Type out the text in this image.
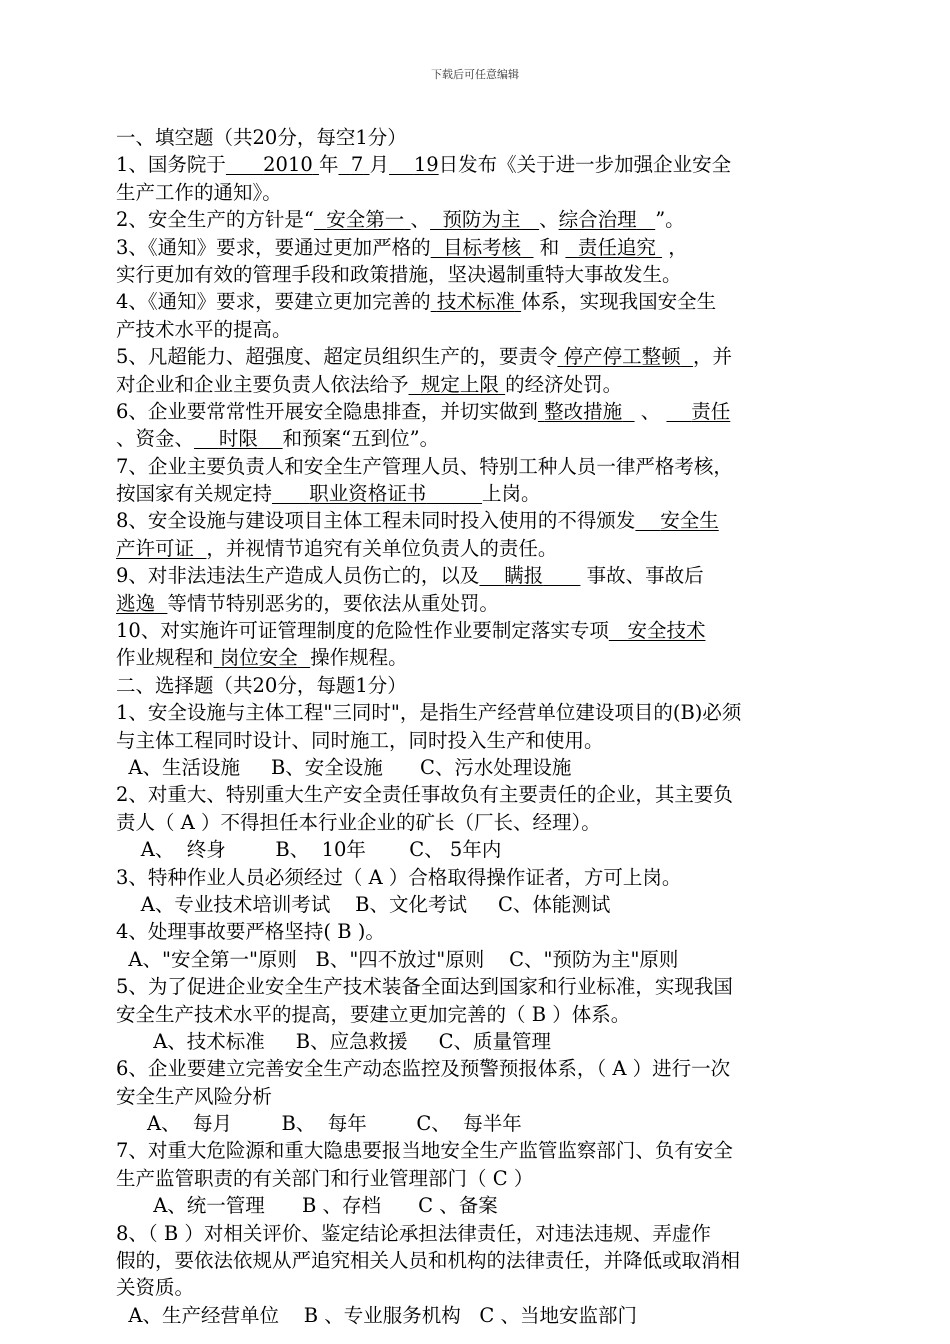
下载后可任意编辑
一、填空题（共20分，每空1分）
1、国务院于 2010 年 7 月 19日发布《关于进一步加强企业安全
生产工作的通知》。
2、安全生产的方针是“ 安全第一 、 预防为主 、综合治理 ”。
3、《通知》要求，要通过更加严格的 目标考核 和 责任追究 ，
实行更加有效的管理手段和政策措施，坚决遏制重特大事故发生。
4、《通知》要求，要建立更加完善的 技术标准 体系，实现我国安全生
产技术水平的提高。
5、凡超能力、超强度、超定员组织生产的，要责令 停产停工整顿 ，并
对企业和企业主要负责人依法给予 规定上限 的经济处罚。
6、企业要常常性开展安全隐患排查，并切实做到 整改措施 、 责任
、资金、 时限 和预案“五到位”。
7、企业主要负责人和安全生产管理人员、特别工种人员一律严格考核，
按国家有关规定持 职业资格证书	上岗。
8、安全设施与建设项目主体工程未同时投入使用的不得颁发 安全生
产许可证 ，并视情节追究有关单位负责人的责任。
9、对非法违法生产造成人员伤亡的，以及 瞒报 事故、事故后
逃逸 等情节特别恶劣的，要依法从重处罚。
10、对实施许可证管理制度的危险性作业要制定落实专项 安全技术
作业规程和 岗位安全 操作规程。
二、选择题（共20分，每题1分）
1、安全设施与主体工程"三同时"，是指生产经营单位建设项目的(B)必须
与主体工程同时设计、同时施工，同时投入生产和使用。
A、生活设施     B、安全设施      C、污水处理设施
2、对重大、特别重大生产安全责任事故负有主要责任的企业，其主要负
责人（ A ）不得担任本行业企业的矿长（厂长、经理）。
A、  终身        B、  10年       C、 5年内
3、特种作业人员必须经过（ A ）合格取得操作证者，方可上岗。
A、专业技术培训考试    B、文化考试     C、体能测试
4、处理事故要严格坚持( B )。
A、"安全第一"原则   B、"四不放过"原则    C、"预防为主"原则
5、为了促进企业安全生产技术装备全面达到国家和行业标准，实现我国
安全生产技术水平的提高，要建立更加完善的（ B ）体系。
A、技术标准     B、应急救援     C、质量管理
6、企业要建立完善安全生产动态监控及预警预报体系，（ A ）进行一次
安全生产风险分析
A、  每月        B、  每年        C、  每半年
7、对重大危险源和重大隐患要报当地安全生产监管监察部门、负有安全
生产监管职责的有关部门和行业管理部门（ C ）
A、统一管理      B 、存档      C 、备案
8、（ B ）对相关评价、鉴定结论承担法律责任，对违法违规、弄虚作
假的，要依法依规从严追究相关人员和机构的法律责任，并降低或取消相
关资质。
A、生产经营单位    B 、专业服务机构   C 、当地安监部门
